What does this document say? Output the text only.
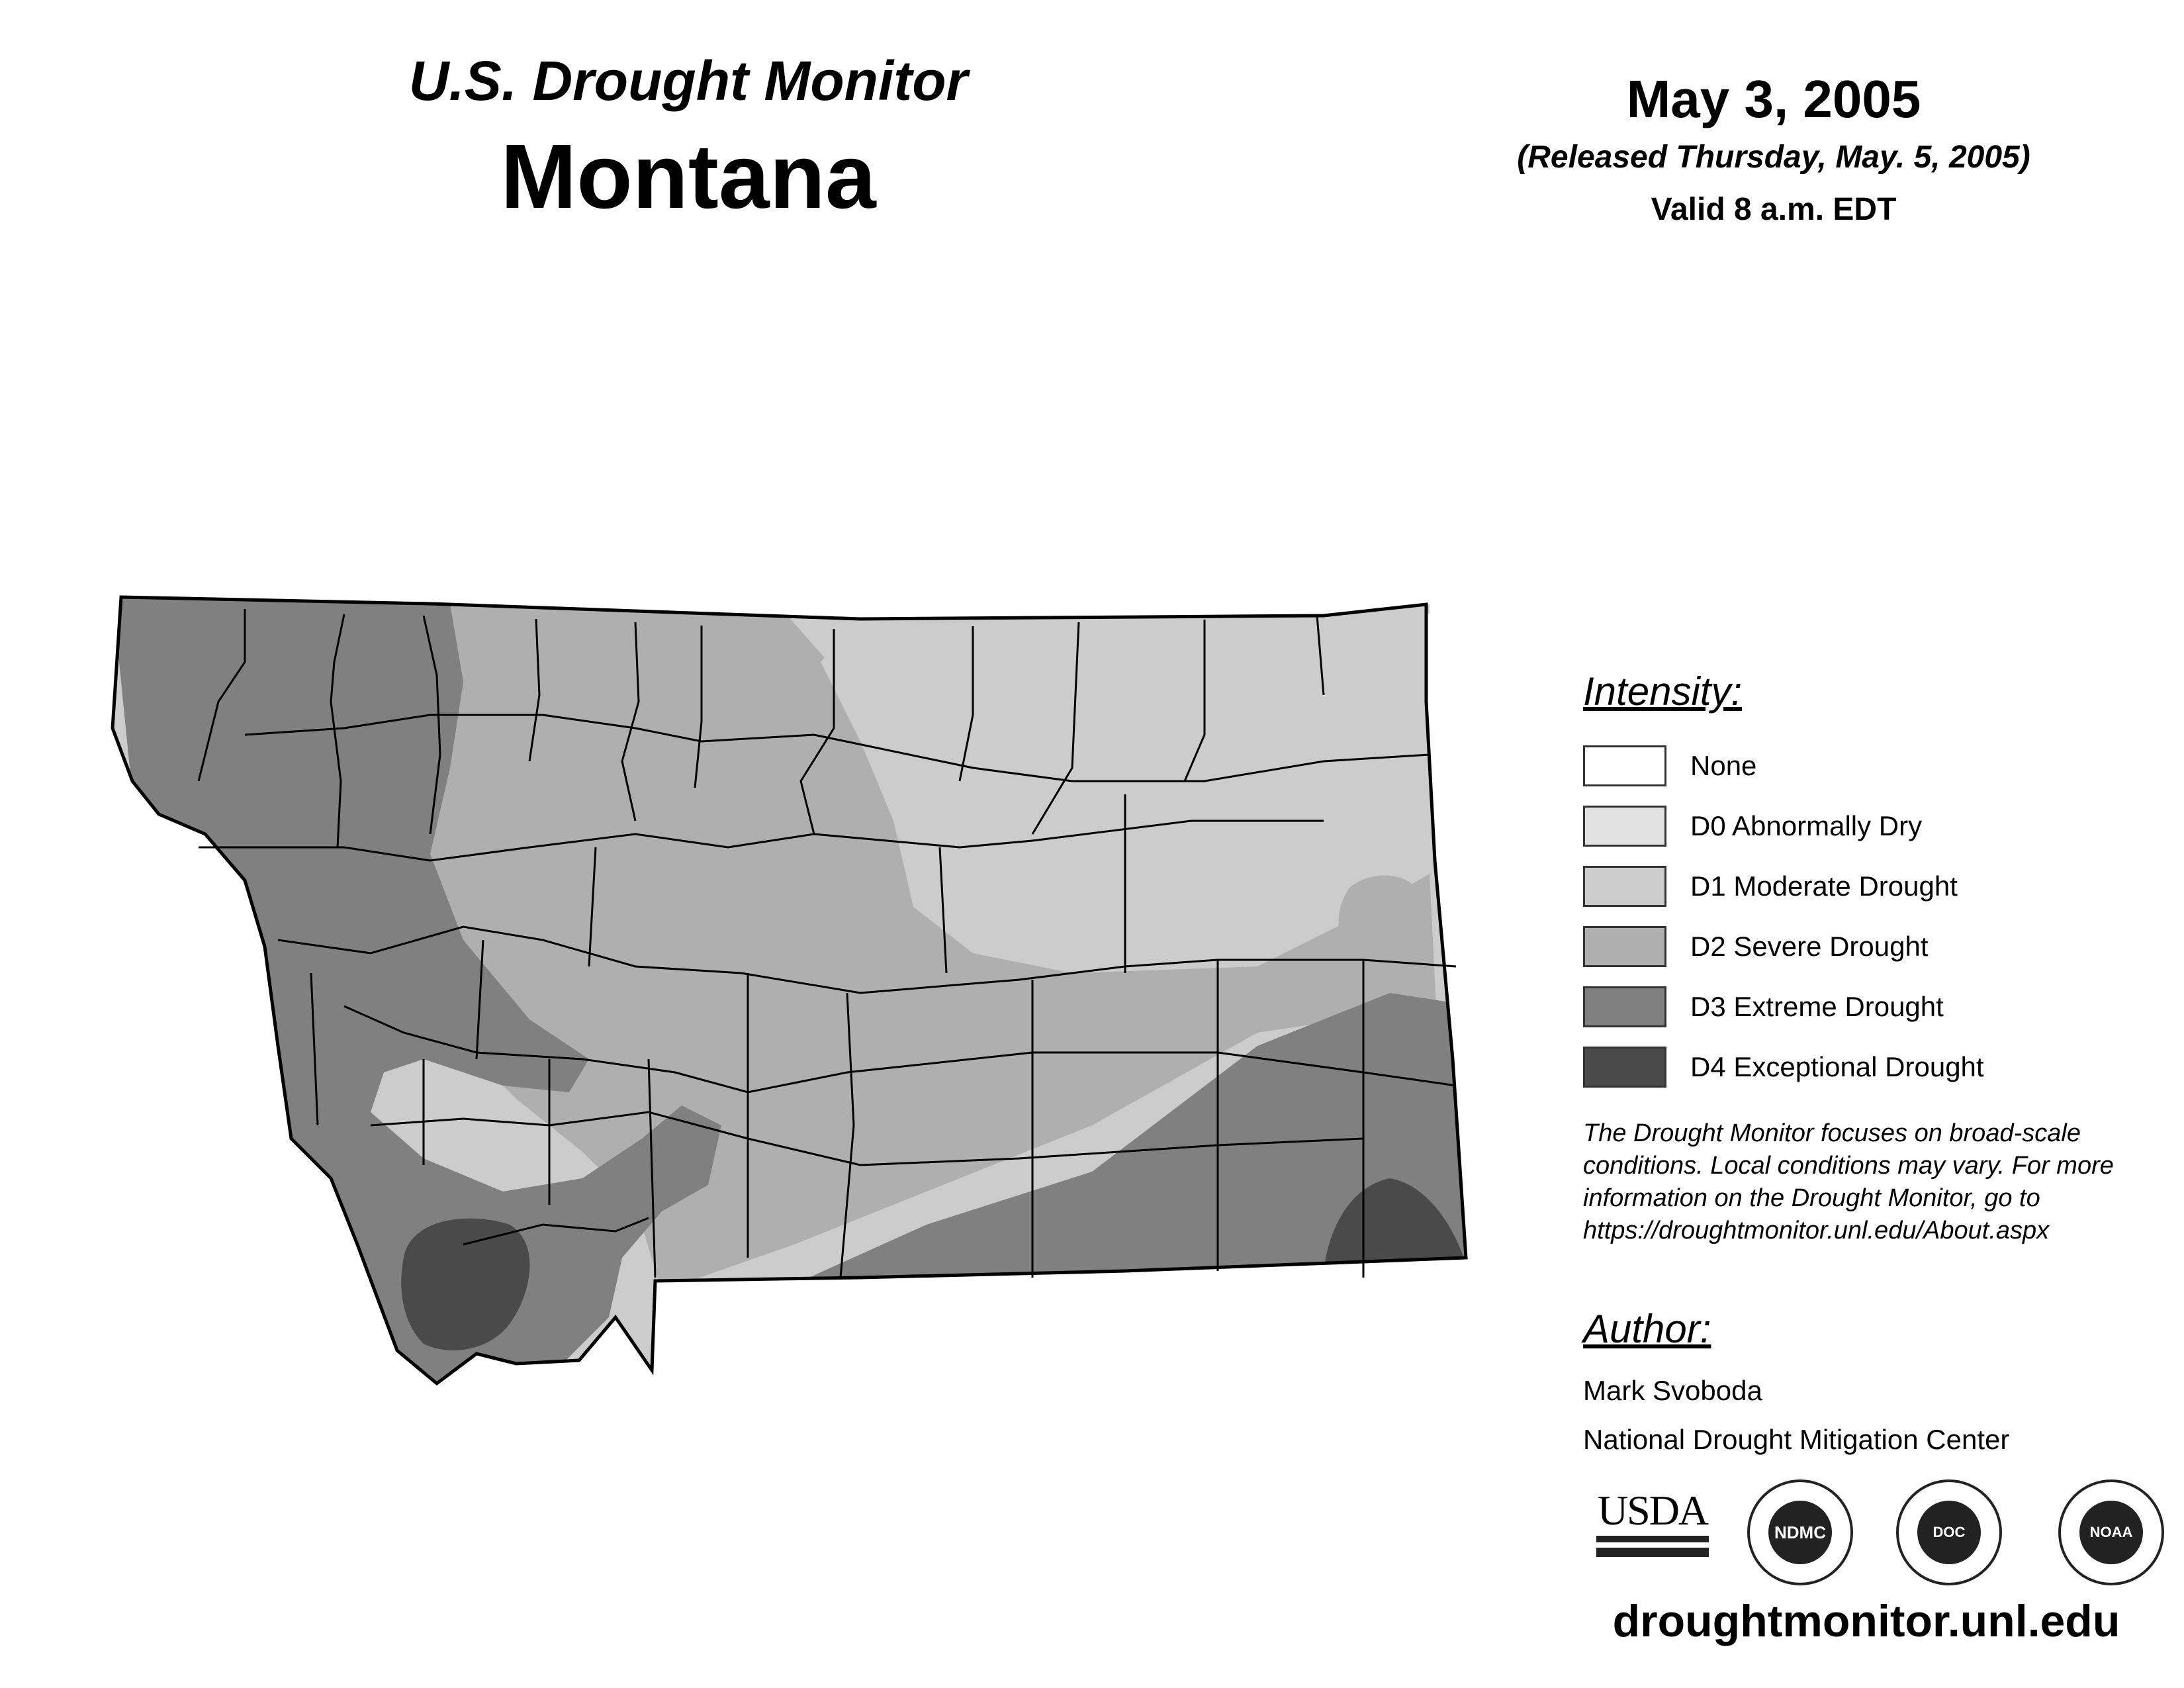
U.S. Drought Monitor
Montana
May 3, 2005
(Released Thursday, May. 5, 2005)
Valid 8 a.m. EDT
Intensity:
None
D0 Abnormally Dry
D1 Moderate Drought
D2 Severe Drought
D3 Extreme Drought
D4 Exceptional Drought
The Drought Monitor focuses on broad-scale
conditions. Local conditions may vary. For more
information on the Drought Monitor, go to
https://droughtmonitor.unl.edu/About.aspx
Author:
Mark Svoboda
National Drought Mitigation Center
USDA	NDMC	DOC	NOAA
droughtmonitor.unl.edu
